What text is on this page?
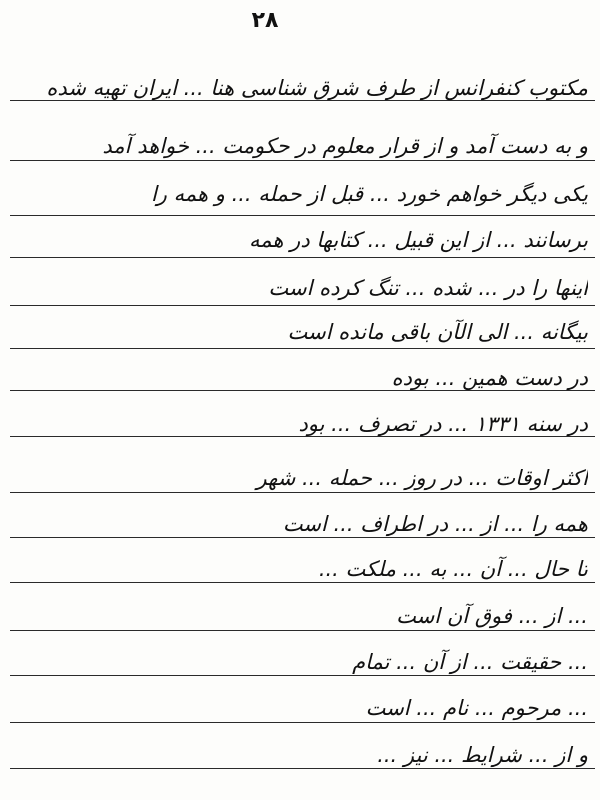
۲۸
مکتوب کنفرانس از طرف شرق شناسی هنا ... ایران تهیه شده
و به دست آمد و از قرار معلوم در حکومت ... خواهد آمد
یکی دیگر خواهم خورد ... قبل از حمله ... و همه را
برسانند ... از این قبیل ... کتابها در همه
اینها را در ... شده ... تنگ کرده است
بیگانه ... الی الآن باقی مانده است
در دست همین ... بوده
در سنه ۱۳۳۱ ... در تصرف ... بود
اکثر اوقات ... در روز ... حمله ... شهر
همه را ... از ... در اطراف ... است
تا حال ... آن ... به ... ملکت ...
... از ... فوق آن است
... حقیقت ... از آن ... تمام
... مرحوم ... نام ... است
و از ... شرایط ... نیز ...
